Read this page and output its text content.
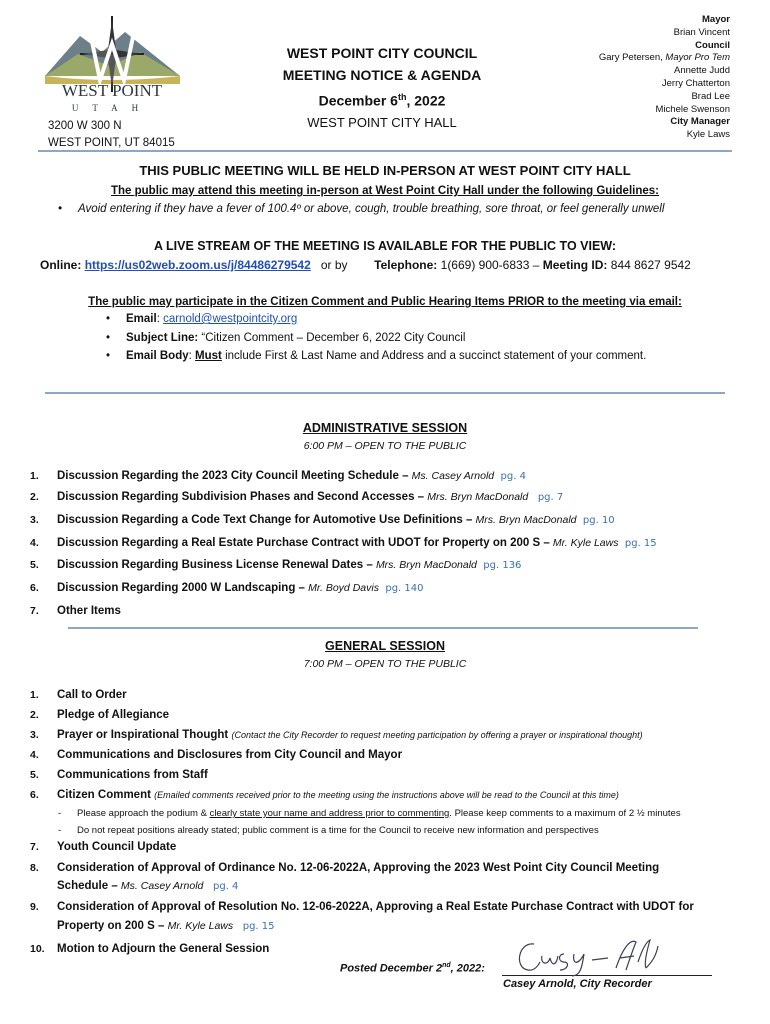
WEST POINT
UTAH
3200 W 300 N
WEST POINT, UT 84015
WEST POINT CITY COUNCIL
MEETING NOTICE & AGENDA
December 6th, 2022
WEST POINT CITY HALL
Mayor
Brian Vincent
Council
Gary Petersen, Mayor Pro Tem
Annette Judd
Jerry Chatterton
Brad Lee
Michele Swenson
City Manager
Kyle Laws
THIS PUBLIC MEETING WILL BE HELD IN-PERSON AT WEST POINT CITY HALL
The public may attend this meeting in-person at West Point City Hall under the following Guidelines:
• Avoid entering if they have a fever of 100.4º or above, cough, trouble breathing, sore throat, or feel generally unwell
A LIVE STREAM OF THE MEETING IS AVAILABLE FOR THE PUBLIC TO VIEW:
Online: https://us02web.zoom.us/j/84486279542 or by Telephone: 1(669) 900-6833 – Meeting ID: 844 8627 9542
The public may participate in the Citizen Comment and Public Hearing Items PRIOR to the meeting via email:
• Email: carnold@westpointcity.org
• Subject Line: “Citizen Comment – December 6, 2022 City Council
• Email Body: Must include First & Last Name and Address and a succinct statement of your comment.
ADMINISTRATIVE SESSION
6:00 PM – OPEN TO THE PUBLIC
1. Discussion Regarding the 2023 City Council Meeting Schedule – Ms. Casey Arnold pg. 4
2. Discussion Regarding Subdivision Phases and Second Accesses – Mrs. Bryn MacDonald pg. 7
3. Discussion Regarding a Code Text Change for Automotive Use Definitions – Mrs. Bryn MacDonald pg. 10
4. Discussion Regarding a Real Estate Purchase Contract with UDOT for Property on 200 S – Mr. Kyle Laws pg. 15
5. Discussion Regarding Business License Renewal Dates – Mrs. Bryn MacDonald pg. 136
6. Discussion Regarding 2000 W Landscaping – Mr. Boyd Davis pg. 140
7. Other Items
GENERAL SESSION
7:00 PM – OPEN TO THE PUBLIC
1. Call to Order
2. Pledge of Allegiance
3. Prayer or Inspirational Thought (Contact the City Recorder to request meeting participation by offering a prayer or inspirational thought)
4. Communications and Disclosures from City Council and Mayor
5. Communications from Staff
6. Citizen Comment (Emailed comments received prior to the meeting using the instructions above will be read to the Council at this time)
-      Please approach the podium & clearly state your name and address prior to commenting. Please keep comments to a maximum of 2 ½ minutes
-      Do not repeat positions already stated; public comment is a time for the Council to receive new information and perspectives
7. Youth Council Update
8. Consideration of Approval of Ordinance No. 12-06-2022A, Approving the 2023 West Point City Council Meeting
Schedule – Ms. Casey Arnold pg. 4
9. Consideration of Approval of Resolution No. 12-06-2022A, Approving a Real Estate Purchase Contract with UDOT for
Property on 200 S – Mr. Kyle Laws pg. 15
10. Motion to Adjourn the General Session
Posted December 2nd, 2022:
Casey Arnold, City Recorder
